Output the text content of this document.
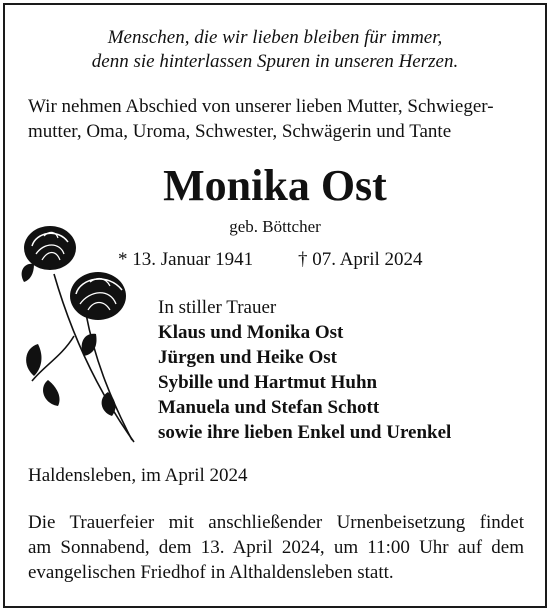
Menschen, die wir lieben bleiben für immer,
denn sie hinterlassen Spuren in unseren Herzen.
Wir nehmen Abschied von unserer lieben Mutter, Schwieger-
mutter, Oma, Uroma, Schwester, Schwägerin und Tante
Monika Ost
geb. Böttcher
* 13. Januar 1941 † 07. April 2024
In stiller Trauer
Klaus und Monika Ost
Jürgen und Heike Ost
Sybille und Hartmut Huhn
Manuela und Stefan Schott
sowie ihre lieben Enkel und Urenkel
Haldensleben, im April 2024
Die Trauerfeier mit anschließender Urnenbeisetzung findet
am Sonnabend, dem 13. April 2024, um 11:00 Uhr auf dem
evangelischen Friedhof in Althaldensleben statt.
